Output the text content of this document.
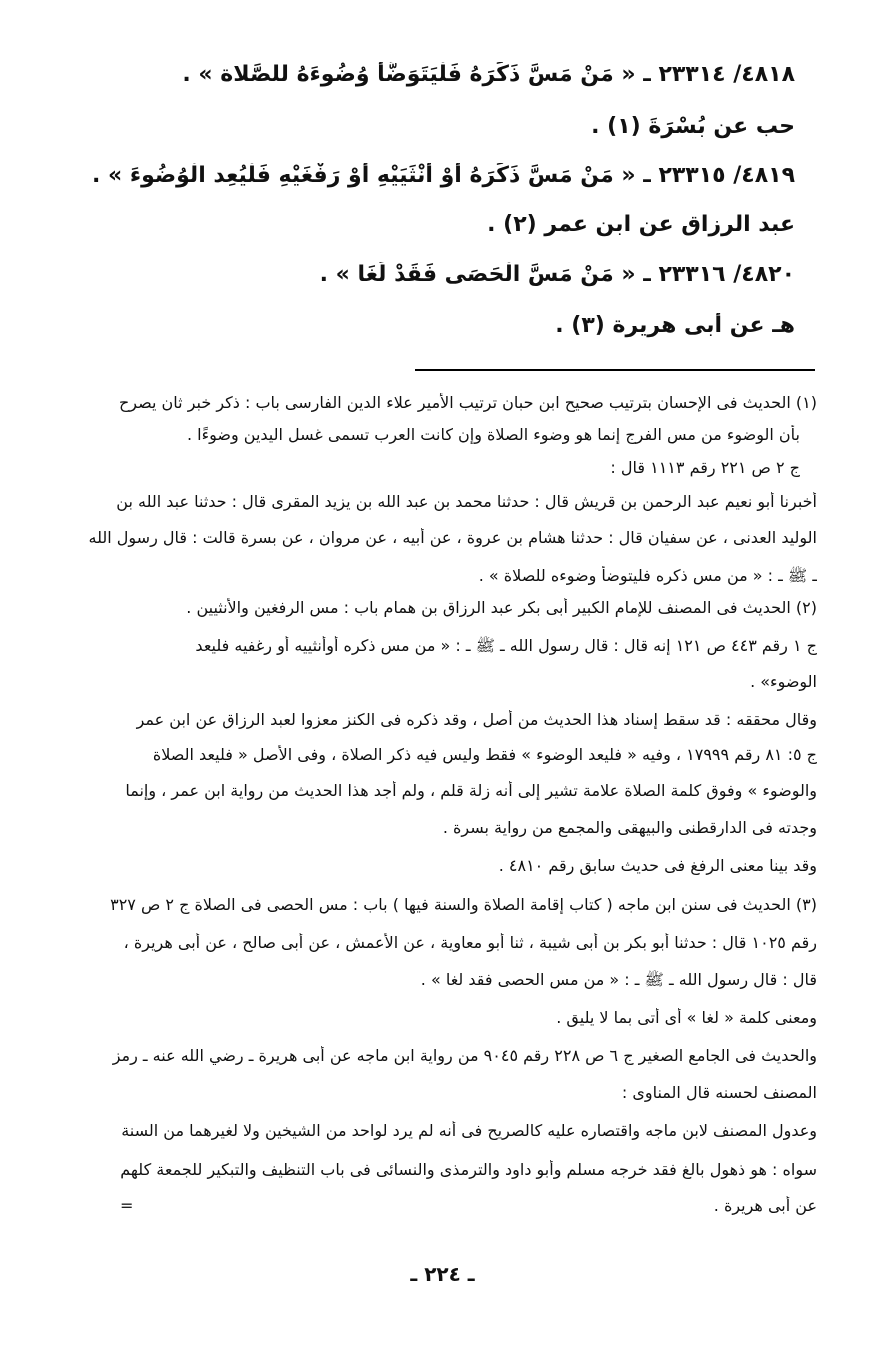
٤٨١٨/ ٢٣٣١٤ ـ « مَنْ مَسَّ ذَكَرَهُ فَلْيَتَوَضَّأْ وُضُوءَهُ للصَّلاة » .
حب عن بُسْرَةَ (١) .
٤٨١٩/ ٢٣٣١٥ ـ « مَنْ مَسَّ ذَكَرَهُ أَوْ أُنْثَيَيْهِ أَوْ رَفْغَيْهِ فَلْيُعِد الْوُضُوءَ » .
عبد الرزاق عن ابن عمر (٢) .
٤٨٢٠/ ٢٣٣١٦ ـ « مَنْ مَسَّ الْحَصَى فَقَدْ لَغَا » .
هـ عن أبى هريرة (٣) .
(١) الحديث فى الإحسان بترتيب صحيح ابن حبان ترتيب الأمير علاء الدين الفارسى باب : ذكر خبر ثان يصرح
بأن الوضوء من مس الفرج إنما هو وضوء الصلاة وإن كانت العرب تسمى غسل اليدين وضوءًا .
ج ٢ ص ٢٢١ رقم ١١١٣ قال :
أخبرنا أبو نعيم عبد الرحمن بن قريش قال : حدثنا محمد بن عبد الله بن يزيد المقرى قال : حدثنا عبد الله بن
الوليد العدنى ، عن سفيان قال : حدثنا هشام بن عروة ، عن أبيه ، عن مروان ، عن بسرة قالت : قال رسول الله
ـ ﷺ ـ : « من مس ذكره فليتوضأ وضوءه للصلاة » .
(٢) الحديث فى المصنف للإمام الكبير أبى بكر عبد الرزاق بن همام باب : مس الرفغين والأنثيين .
ج ١ رقم ٤٤٣ ص ١٢١ إنه قال : قال رسول الله ـ ﷺ ـ : « من مس ذكره أوأنثييه أو رغفيه فليعد
الوضوء» .
وقال محققه : قد سقط إسناد هذا الحديث من أصل ، وقد ذكره فى الكنز معزوا لعبد الرزاق عن ابن عمر
ج ٥: ٨١ رقم ١٧٩٩٩ ، وفيه « فليعد الوضوء » فقط وليس فيه ذكر الصلاة ، وفى الأصل « فليعد الصلاة
والوضوء » وفوق كلمة الصلاة علامة تشير إلى أنه زلة قلم ، ولم أجد هذا الحديث من رواية ابن عمر ، وإنما
وجدته فى الدارقطنى والبيهقى والمجمع من رواية بسرة .
وقد بينا معنى الرفغ فى حديث سابق رقم ٤٨١٠ .
(٣) الحديث فى سنن ابن ماجه ( كتاب إقامة الصلاة والسنة فيها ) باب : مس الحصى فى الصلاة ج ٢ ص ٣٢٧
رقم ١٠٢٥ قال : حدثنا أبو بكر بن أبى شيبة ، ثنا أبو معاوية ، عن الأعمش ، عن أبى صالح ، عن أبى هريرة ،
قال : قال رسول الله ـ ﷺ ـ : « من مس الحصى فقد لغا » .
ومعنى كلمة « لغا » أى أتى بما لا يليق .
والحديث فى الجامع الصغير ج ٦ ص ٢٢٨ رقم ٩٠٤٥ من رواية ابن ماجه عن أبى هريرة ـ رضي الله عنه ـ رمز
المصنف لحسنه قال المناوى :
وعدول المصنف لابن ماجه واقتصاره عليه كالصريح فى أنه لم يرد لواحد من الشيخين ولا لغيرهما من السنة
سواه : هو ذهول بالغ فقد خرجه مسلم وأبو داود والترمذى والنسائى فى باب التنظيف والتبكير للجمعة كلهم
عن أبى هريرة .
=
ـ ٢٢٤ ـ
